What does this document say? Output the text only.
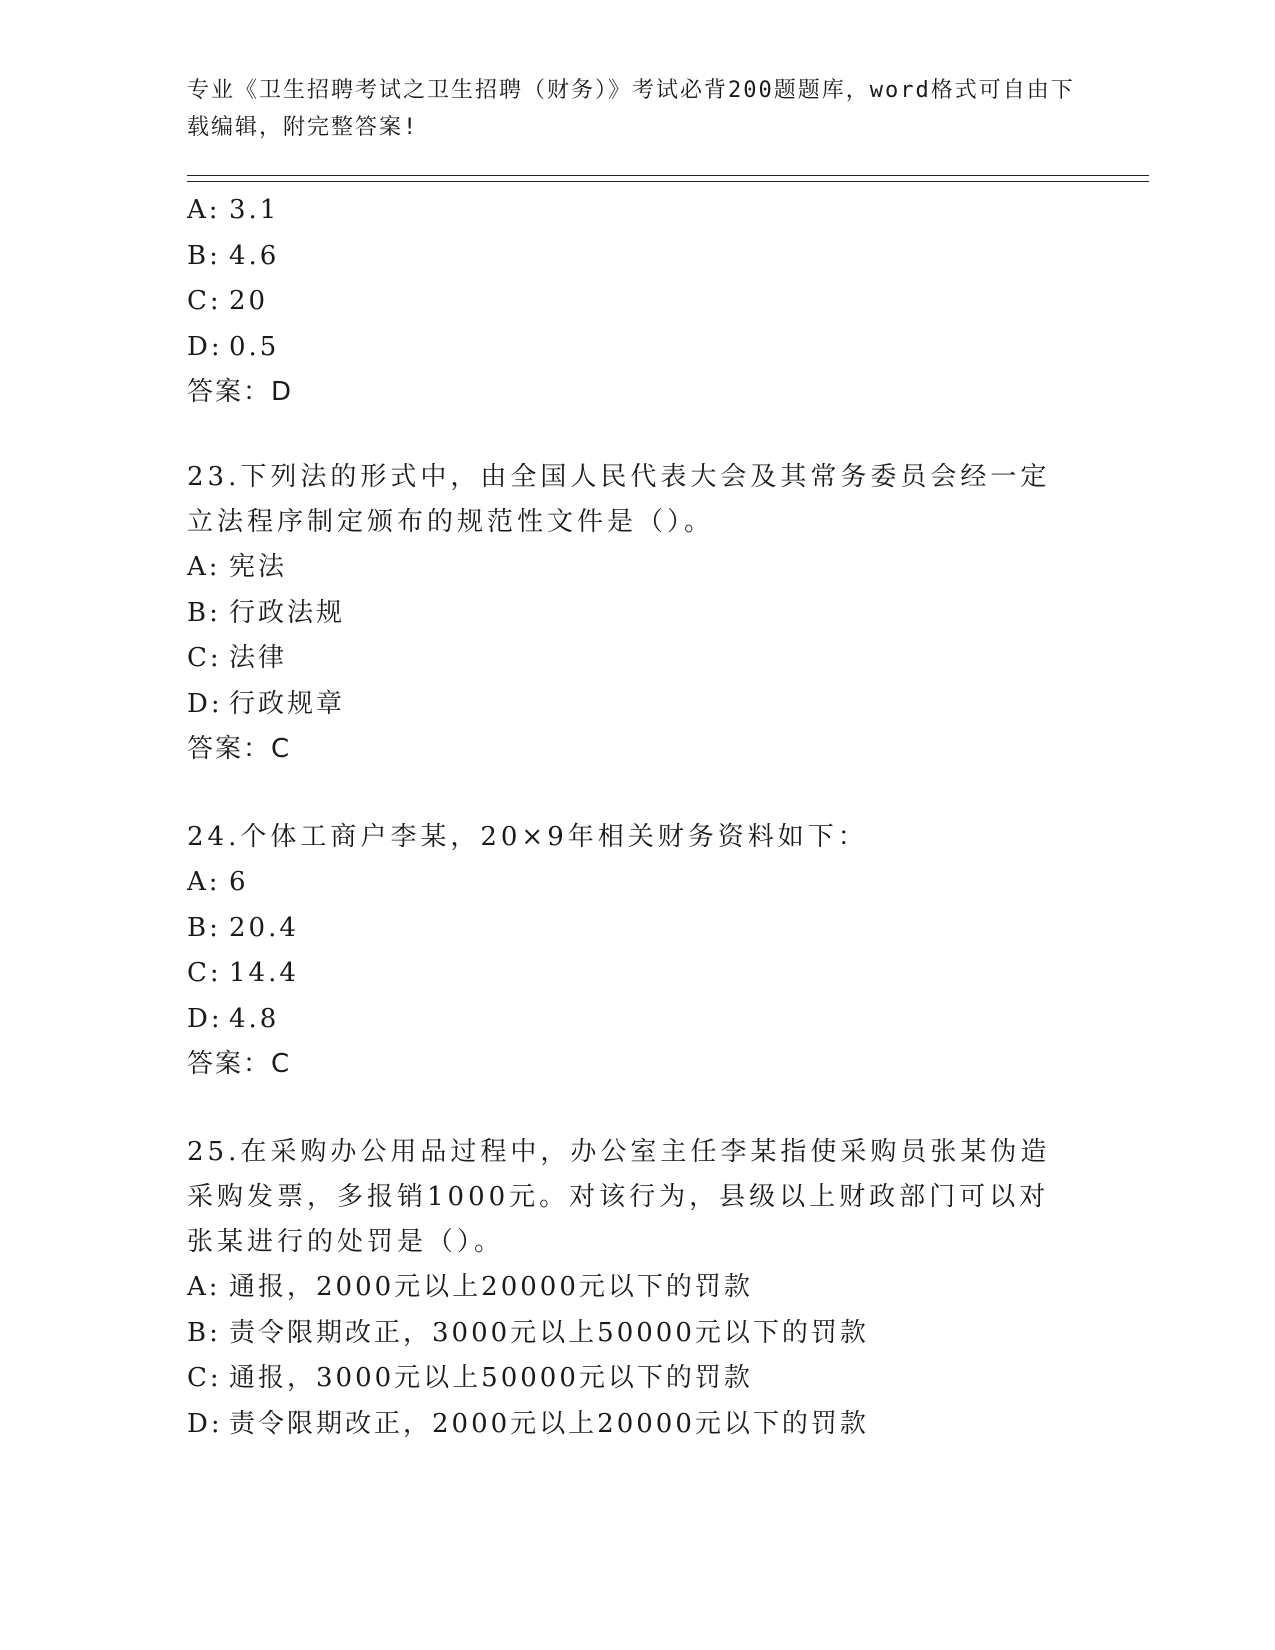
专业《卫生招聘考试之卫生招聘（财务）》考试必背200题题库，word格式可自由下载编辑，附完整答案!
A: 3.1
B: 4.6
C: 20
D: 0.5
答案：D
23.下列法的形式中，由全国人民代表大会及其常务委员会经一定立法程序制定颁布的规范性文件是（）。
A: 宪法
B: 行政法规
C: 法律
D: 行政规章
答案：C
24.个体工商户李某，20×9年相关财务资料如下：
A: 6
B: 20.4
C: 14.4
D: 4.8
答案：C
25.在采购办公用品过程中，办公室主任李某指使采购员张某伪造采购发票，多报销1000元。对该行为，县级以上财政部门可以对张某进行的处罚是（）。
A: 通报，2000元以上20000元以下的罚款
B: 责令限期改正，3000元以上50000元以下的罚款
C: 通报，3000元以上50000元以下的罚款
D: 责令限期改正，2000元以上20000元以下的罚款
